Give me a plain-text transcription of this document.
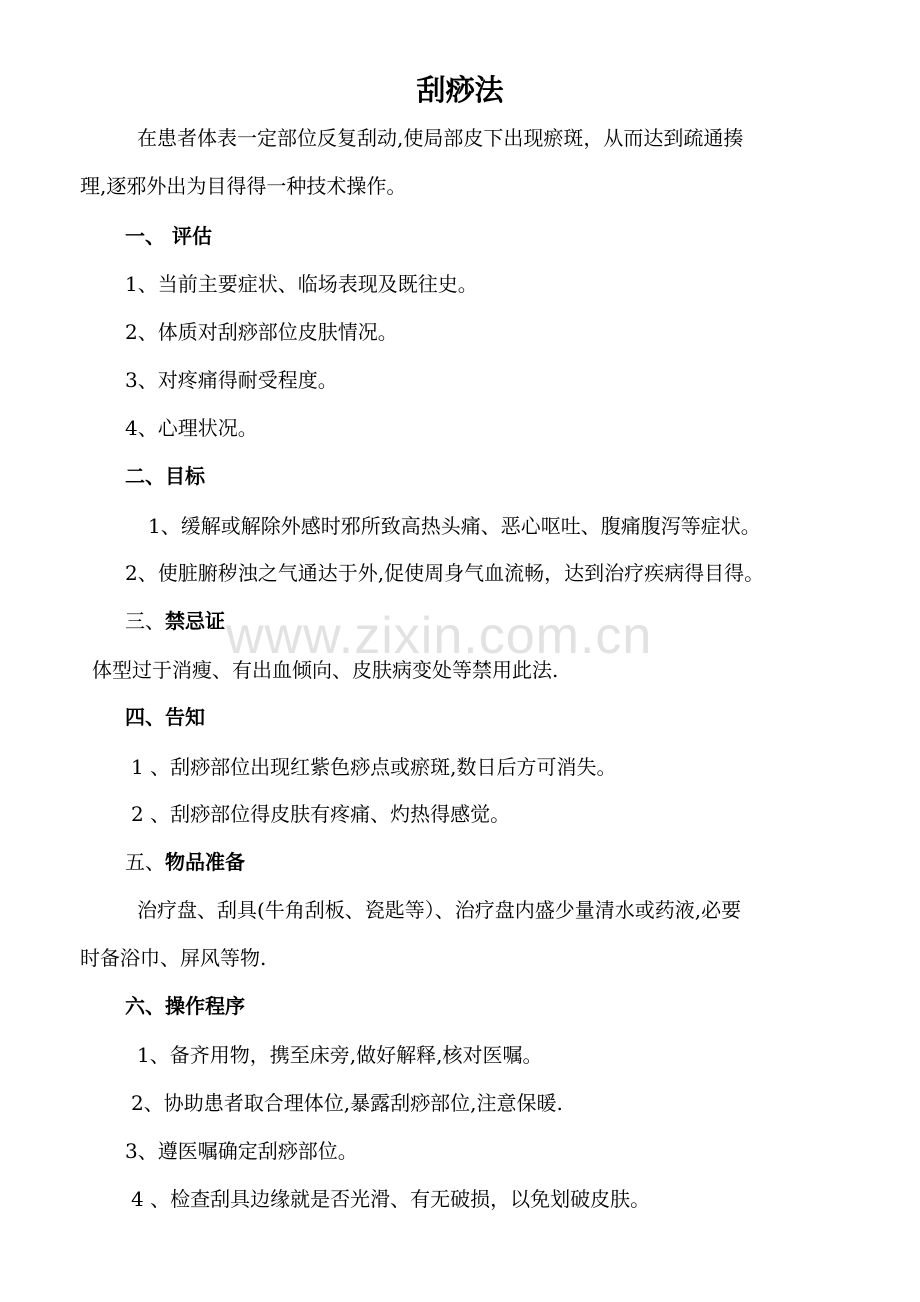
刮痧法

在患者体表一定部位反复刮动,使局部皮下出现瘀斑，从而达到疏通揍

理,逐邪外出为目得得一种技术操作。

一、 评估

1、当前主要症状、临场表现及既往史。

2、体质对刮痧部位皮肤情况。

3、对疼痛得耐受程度。

4、心理状况。

二、目标

1、缓解或解除外感时邪所致高热头痛、恶心呕吐、腹痛腹泻等症状。

2、使脏腑秽浊之气通达于外,促使周身气血流畅，达到治疗疾病得目得。

三、禁忌证

体型过于消瘦、有出血倾向、皮肤病变处等禁用此法.

四、告知

1 、刮痧部位出现红紫色痧点或瘀斑,数日后方可消失。

2 、刮痧部位得皮肤有疼痛、灼热得感觉。

五、物品准备

治疗盘、刮具(牛角刮板、瓷匙等）、治疗盘内盛少量清水或药液,必要

时备浴巾、屏风等物.

六、操作程序

1、备齐用物，携至床旁,做好解释,核对医嘱。

2、协助患者取合理体位,暴露刮痧部位,注意保暖.

3、遵医嘱确定刮痧部位。

4 、检查刮具边缘就是否光滑、有无破损，以免划破皮肤。

www.zixin.com.cn
